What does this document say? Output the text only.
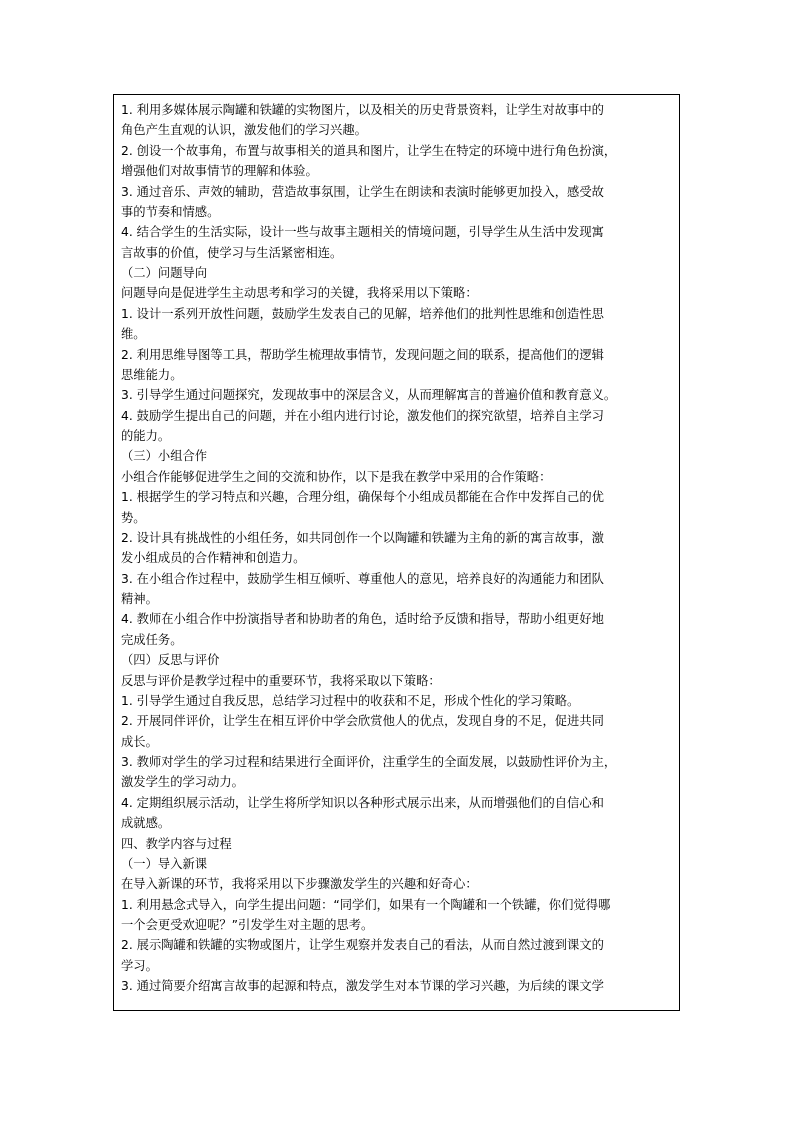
1. 利用多媒体展示陶罐和铁罐的实物图片，以及相关的历史背景资料，让学生对故事中的
角色产生直观的认识，激发他们的学习兴趣。
2. 创设一个故事角，布置与故事相关的道具和图片，让学生在特定的环境中进行角色扮演，
增强他们对故事情节的理解和体验。
3. 通过音乐、声效的辅助，营造故事氛围，让学生在朗读和表演时能够更加投入，感受故
事的节奏和情感。
4. 结合学生的生活实际，设计一些与故事主题相关的情境问题，引导学生从生活中发现寓
言故事的价值，使学习与生活紧密相连。
（二）问题导向
问题导向是促进学生主动思考和学习的关键，我将采用以下策略：
1. 设计一系列开放性问题，鼓励学生发表自己的见解，培养他们的批判性思维和创造性思
维。
2. 利用思维导图等工具，帮助学生梳理故事情节，发现问题之间的联系，提高他们的逻辑
思维能力。
3. 引导学生通过问题探究，发现故事中的深层含义，从而理解寓言的普遍价值和教育意义。
4. 鼓励学生提出自己的问题，并在小组内进行讨论，激发他们的探究欲望，培养自主学习
的能力。
（三）小组合作
小组合作能够促进学生之间的交流和协作，以下是我在教学中采用的合作策略：
1. 根据学生的学习特点和兴趣，合理分组，确保每个小组成员都能在合作中发挥自己的优
势。
2. 设计具有挑战性的小组任务，如共同创作一个以陶罐和铁罐为主角的新的寓言故事，激
发小组成员的合作精神和创造力。
3. 在小组合作过程中，鼓励学生相互倾听、尊重他人的意见，培养良好的沟通能力和团队
精神。
4. 教师在小组合作中扮演指导者和协助者的角色，适时给予反馈和指导，帮助小组更好地
完成任务。
（四）反思与评价
反思与评价是教学过程中的重要环节，我将采取以下策略：
1. 引导学生通过自我反思，总结学习过程中的收获和不足，形成个性化的学习策略。
2. 开展同伴评价，让学生在相互评价中学会欣赏他人的优点，发现自身的不足，促进共同
成长。
3. 教师对学生的学习过程和结果进行全面评价，注重学生的全面发展，以鼓励性评价为主，
激发学生的学习动力。
4. 定期组织展示活动，让学生将所学知识以各种形式展示出来，从而增强他们的自信心和
成就感。
四、教学内容与过程
（一）导入新课
在导入新课的环节，我将采用以下步骤激发学生的兴趣和好奇心：
1. 利用悬念式导入，向学生提出问题：“同学们，如果有一个陶罐和一个铁罐，你们觉得哪
一个会更受欢迎呢？”引发学生对主题的思考。
2. 展示陶罐和铁罐的实物或图片，让学生观察并发表自己的看法，从而自然过渡到课文的
学习。
3. 通过简要介绍寓言故事的起源和特点，激发学生对本节课的学习兴趣，为后续的课文学
